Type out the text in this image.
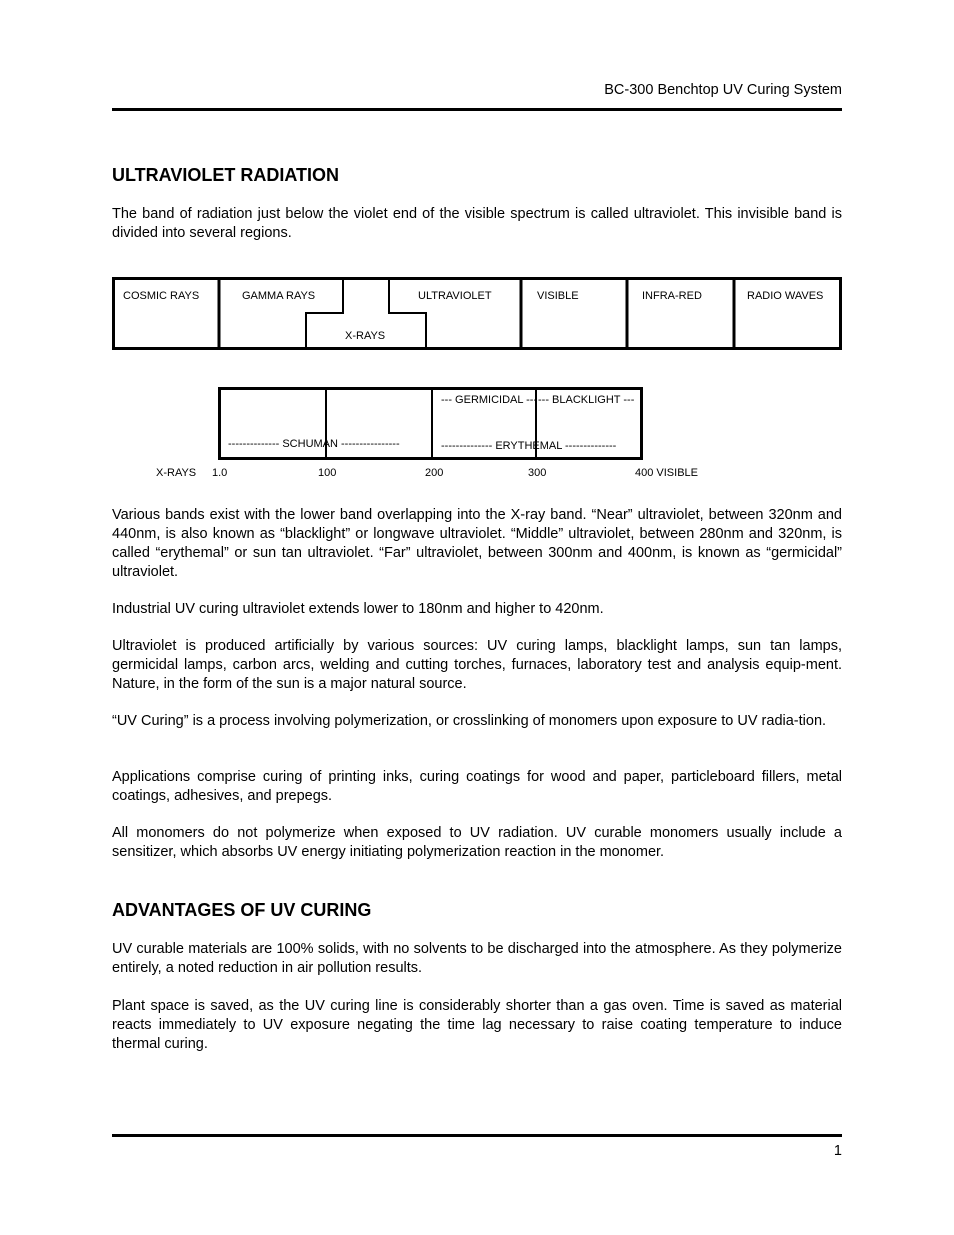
BC-300 Benchtop UV Curing System
ULTRAVIOLET RADIATION

The band of radiation just below the violet end of the visible spectrum is called ultraviolet. This invisible band is divided into several regions.

COSMIC RAYS	GAMMA RAYS
X-RAYS
ULTRAVIOLET	VISIBLE	INFRA-RED	RADIO WAVES
--- GERMICIDAL --- --- BLACKLIGHT ---
-------------- SCHUMAN ----------------	-------------- ERYTHEMAL --------------
X-RAYS 1.0	100	200	300	400 VISIBLE

Various bands exist with the lower band overlapping into the X-ray band. “Near” ultraviolet, between 320nm and 440nm, is also known as “blacklight” or longwave ultraviolet. “Middle” ultraviolet, between 280nm and 320nm, is called “erythemal” or sun tan ultraviolet. “Far” ultraviolet, between 300nm and 400nm, is known as “germicidal” ultraviolet.

Industrial UV curing ultraviolet extends lower to 180nm and higher to 420nm.

Ultraviolet is produced artificially by various sources: UV curing lamps, blacklight lamps, sun tan lamps, germicidal lamps, carbon arcs, welding and cutting torches, furnaces, laboratory test and analysis equip-ment. Nature, in the form of the sun is a major natural source.

“UV Curing” is a process involving polymerization, or crosslinking of monomers upon exposure to UV radia-tion.

Applications comprise curing of printing inks, curing coatings for wood and paper, particleboard fillers, metal coatings, adhesives, and prepegs.

All monomers do not polymerize when exposed to UV radiation. UV curable monomers usually include a sensitizer, which absorbs UV energy initiating polymerization reaction in the monomer.

ADVANTAGES OF UV CURING

UV curable materials are 100% solids, with no solvents to be discharged into the atmosphere. As they polymerize entirely, a noted reduction in air pollution results.

Plant space is saved, as the UV curing line is considerably shorter than a gas oven. Time is saved as material reacts immediately to UV exposure negating the time lag necessary to raise coating temperature to induce thermal curing.

1
